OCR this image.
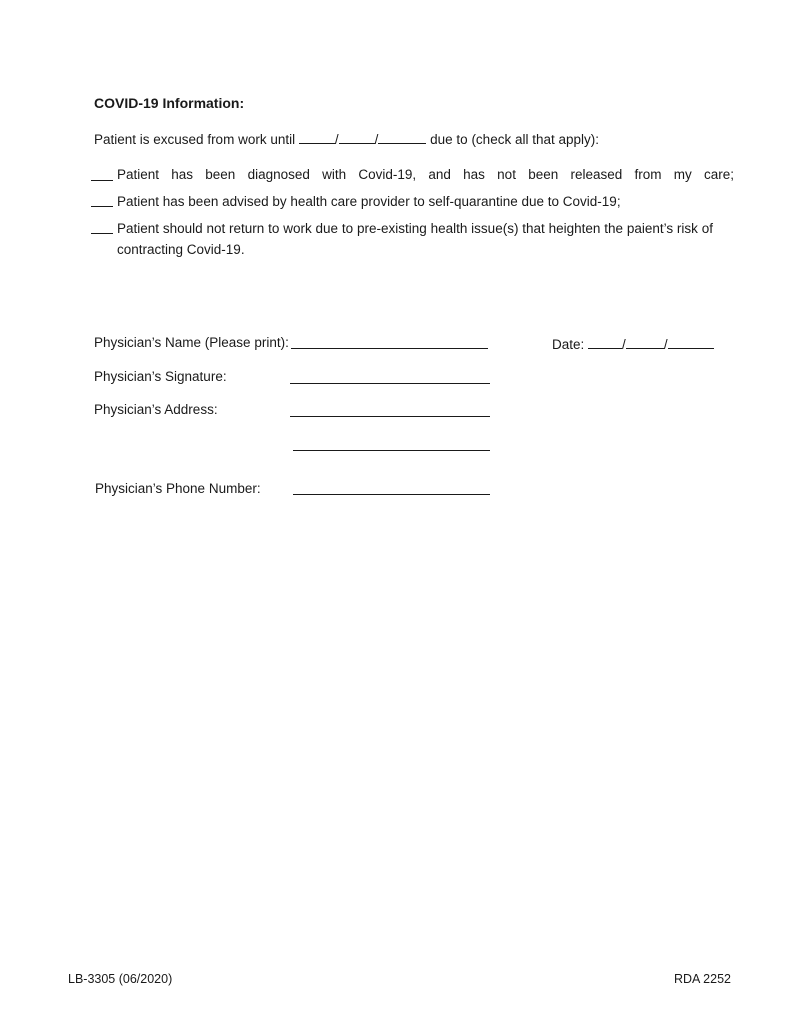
COVID-19 Information:
Patient is excused from work until	/	/	due to (check all that apply):
Patient has been diagnosed with Covid-19, and has not been released from my care;
Patient has been advised by health care provider to self-quarantine due to Covid-19;
Patient should not return to work due to pre-existing health issue(s) that heighten the paient’s risk of contracting Covid-19.
Physician’s Name (Please print):	Date:	/	/
Physician’s Signature:
Physician’s Address:
Physician’s Phone Number:
LB-3305 (06/2020)	RDA 2252
